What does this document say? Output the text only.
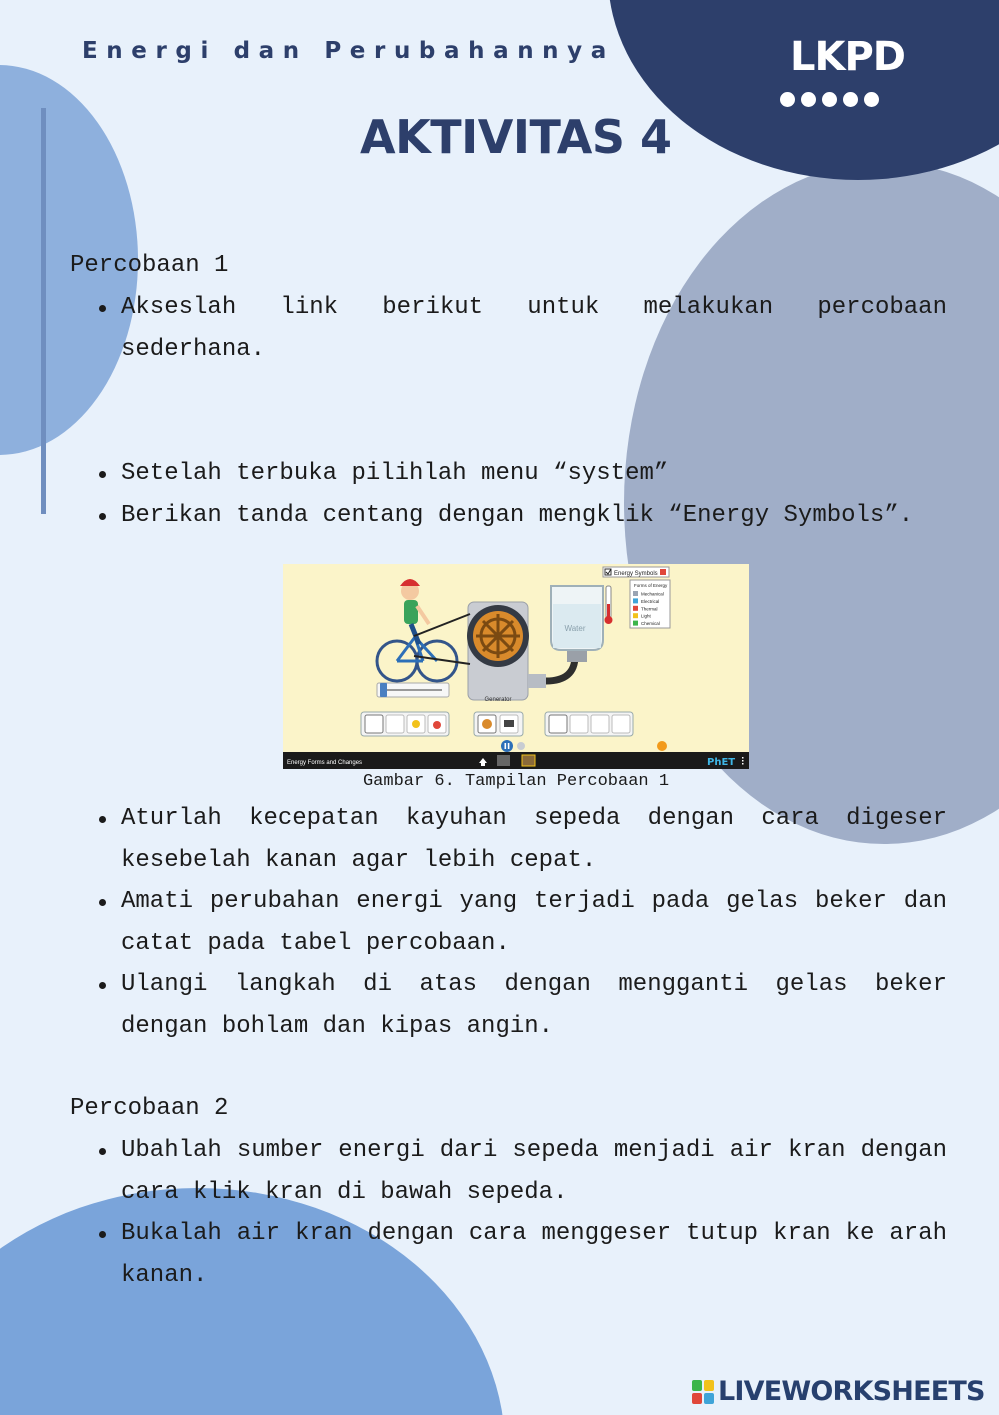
Energi dan Perubahannya	LKPD
AKTIVITAS 4
Percobaan 1
Akseslah link berikut untuk melakukan percobaan sederhana.
Setelah terbuka pilihlah menu “system”
Berikan tanda centang dengan mengklik “Energy Symbols”.
Generator
Water
Energy Symbols
Forms of Energy
Mechanical
Electrical
Thermal
Light
Chemical
Energy Forms and Changes	PhET
Gambar 6. Tampilan Percobaan 1
Aturlah kecepatan kayuhan sepeda dengan cara digeser kesebelah kanan agar lebih cepat.
Amati perubahan energi yang terjadi pada gelas beker dan catat pada tabel percobaan.
Ulangi langkah di atas dengan mengganti gelas beker dengan bohlam dan kipas angin.
Percobaan 2
Ubahlah sumber energi dari sepeda menjadi air kran dengan cara klik kran di bawah sepeda.
Bukalah air kran dengan cara menggeser tutup kran ke arah kanan.
LIVEWORKSHEETS
